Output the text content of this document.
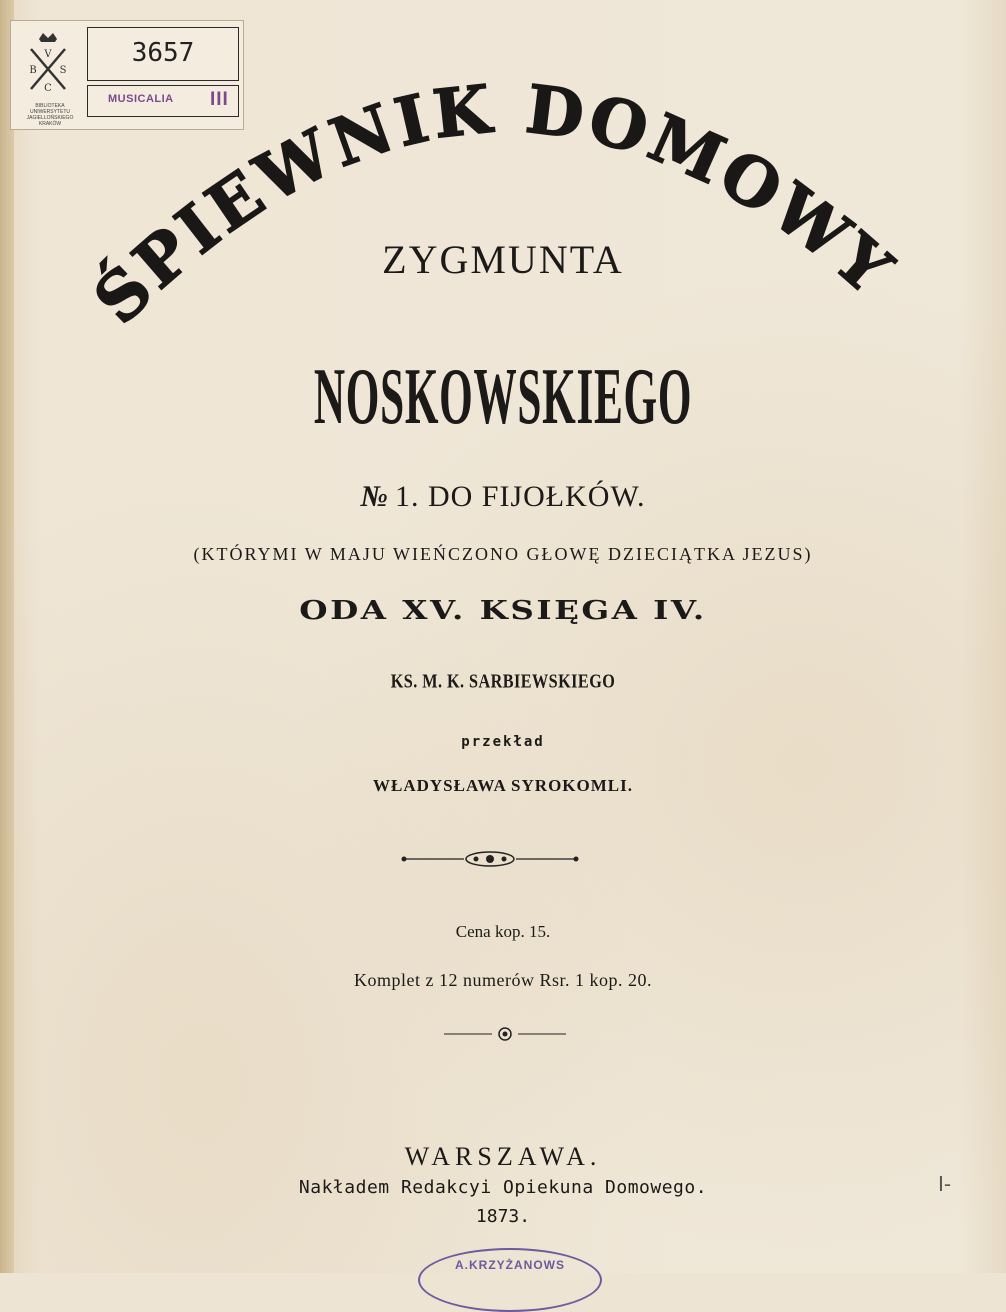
V
B S
C
BIBLIOTEKA
UNIWERSYTETU
JAGIELLOŃSKIEGO
KRAKÓW
3657
MUSICALIA III
ŚPIEWNIK DOMOWY
ZYGMUNTA
NOSKOWSKIEGO
№ 1. DO FIJOŁKÓW.
(KTÓRYMI W MAJU WIEŃCZONO GŁOWĘ DZIECIĄTKA JEZUS)
ODA XV. KSIĘGA IV.
KS. M. K. SARBIEWSKIEGO
przekład
WŁADYSŁAWA SYROKOMLI.
Cena kop. 15.
Komplet z 12 numerów Rsr. 1 kop. 20.
WARSZAWA.
Nakładem Redakcyi Opiekuna Domowego.
1873.
I-
A.KRZYŻANOWS
